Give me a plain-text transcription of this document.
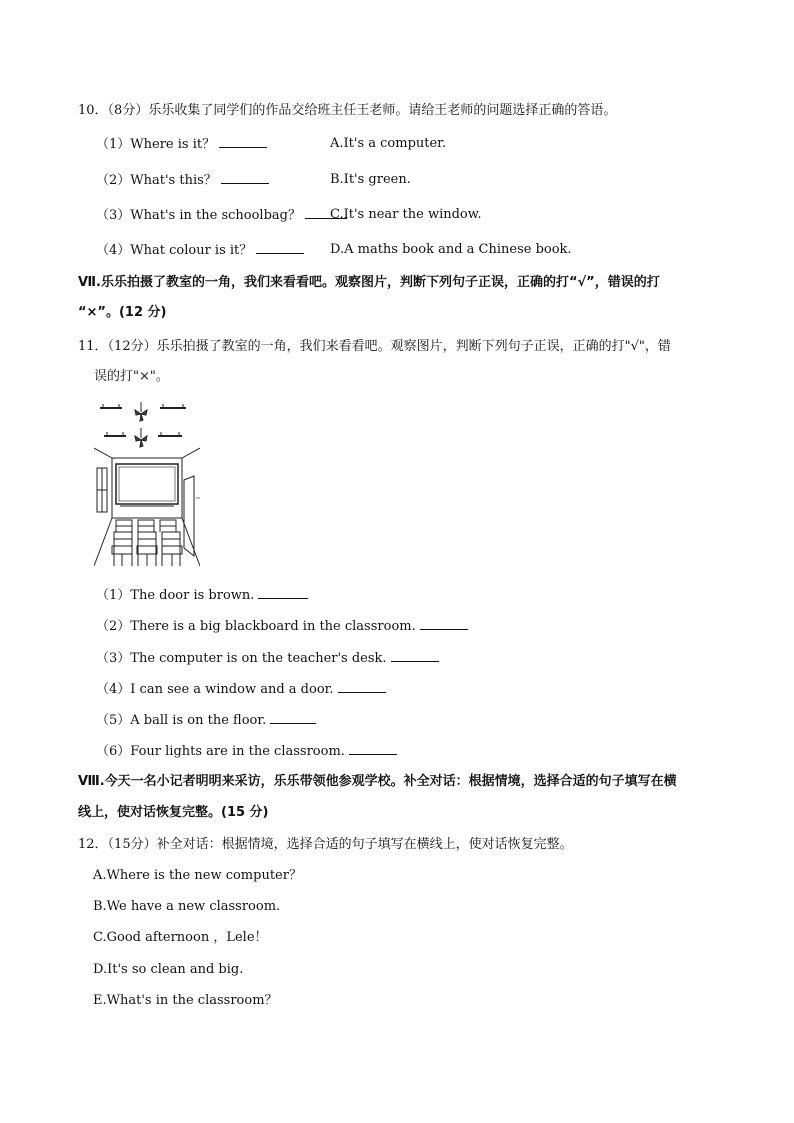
10．（8分）乐乐收集了同学们的作品交给班主任王老师。请给王老师的问题选择正确的答语。
（1）Where is it？	A.It's a computer.
（2）What's this？	B.It's green.
（3）What's in the schoolbag？	C.It's near the window.
（4）What colour is it？	D.A maths book and a Chinese book.
Ⅶ.乐乐拍摄了教室的一角，我们来看看吧。观察图片，判断下列句子正误，正确的打“√”，错误的打
“×”。(12 分)
11．（12分）乐乐拍摄了教室的一角，我们来看看吧。观察图片，判断下列句子正误，正确的打"√"，错
误的打"×"。
（1）The door is brown.
（2）There is a big blackboard in the classroom.
（3）The computer is on the teacher's desk.
（4）I can see a window and a door.
（5）A ball is on the floor.
（6）Four lights are in the classroom.
Ⅷ.今天一名小记者明明来采访，乐乐带领他参观学校。补全对话：根据情境，选择合适的句子填写在横
线上，使对话恢复完整。(15 分)
12．（15分）补全对话：根据情境，选择合适的句子填写在横线上，使对话恢复完整。
A.Where is the new computer？
B.We have a new classroom.
C.Good afternoon ，Lele！
D.It's so clean and big.
E.What's in the classroom？
